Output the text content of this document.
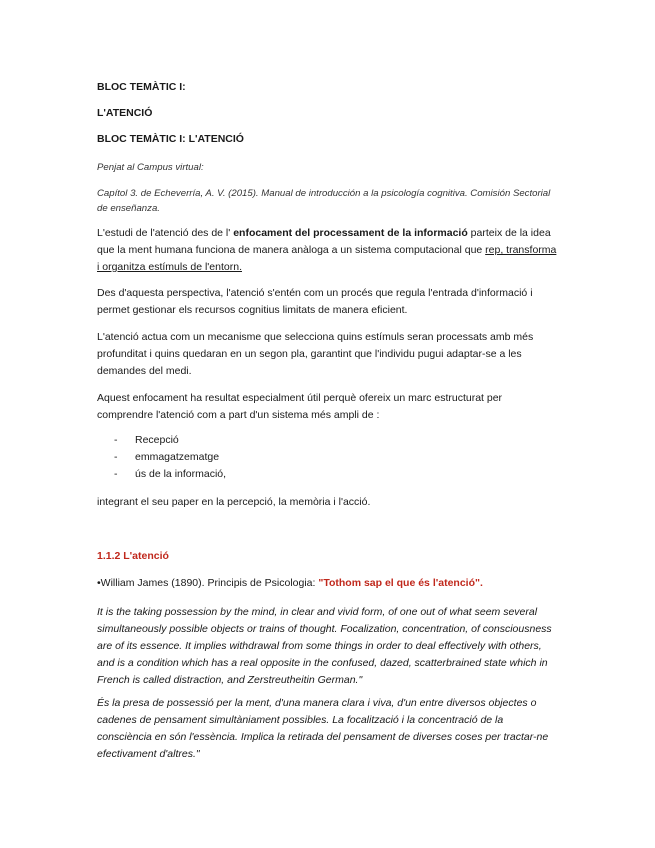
BLOC TEMÀTIC I:

L'ATENCIÓ

BLOC TEMÀTIC I: L'ATENCIÓ

Penjat al Campus virtual:

Capítol 3. de Echeverría, A. V. (2015). Manual de introducción a la psicología cognitiva. Comisión Sectorial de enseñanza.

L'estudi de l'atenció des de l' enfocament del processament de la informació parteix de la idea que la ment humana funciona de manera anàloga a un sistema computacional que rep, transforma i organitza estímuls de l'entorn.

Des d'aquesta perspectiva, l'atenció s'entén com un procés que regula l'entrada d'informació i permet gestionar els recursos cognitius limitats de manera eficient.

L'atenció actua com un mecanisme que selecciona quins estímuls seran processats amb més profunditat i quins quedaran en un segon pla, garantint que l'individu pugui adaptar-se a les demandes del medi.

Aquest enfocament ha resultat especialment útil perquè ofereix un marc estructurat per comprendre l'atenció com a part d'un sistema més ampli de :

- Recepció
- emmagatzematge
- ús de la informació,

integrant el seu paper en la percepció, la memòria i l'acció.

1.1.2 L'atenció

•William James (1890). Principis de Psicologia: "Tothom sap el que és l'atenció".

It is the taking possession by the mind, in clear and vivid form, of one out of what seem several simultaneously possible objects or trains of thought. Focalization, concentration, of consciousness are of its essence. It implies withdrawal from some things in order to deal effectively with others, and is a condition which has a real opposite in the confused, dazed, scatterbrained state which in French is called distraction, and Zerstreutheitin German."

És la presa de possessió per la ment, d'una manera clara i viva, d'un entre diversos objectes o cadenes de pensament simultàniament possibles. La focalització i la concentració de la consciència en són l'essència. Implica la retirada del pensament de diverses coses per tractar-ne efectivament d'altres."
